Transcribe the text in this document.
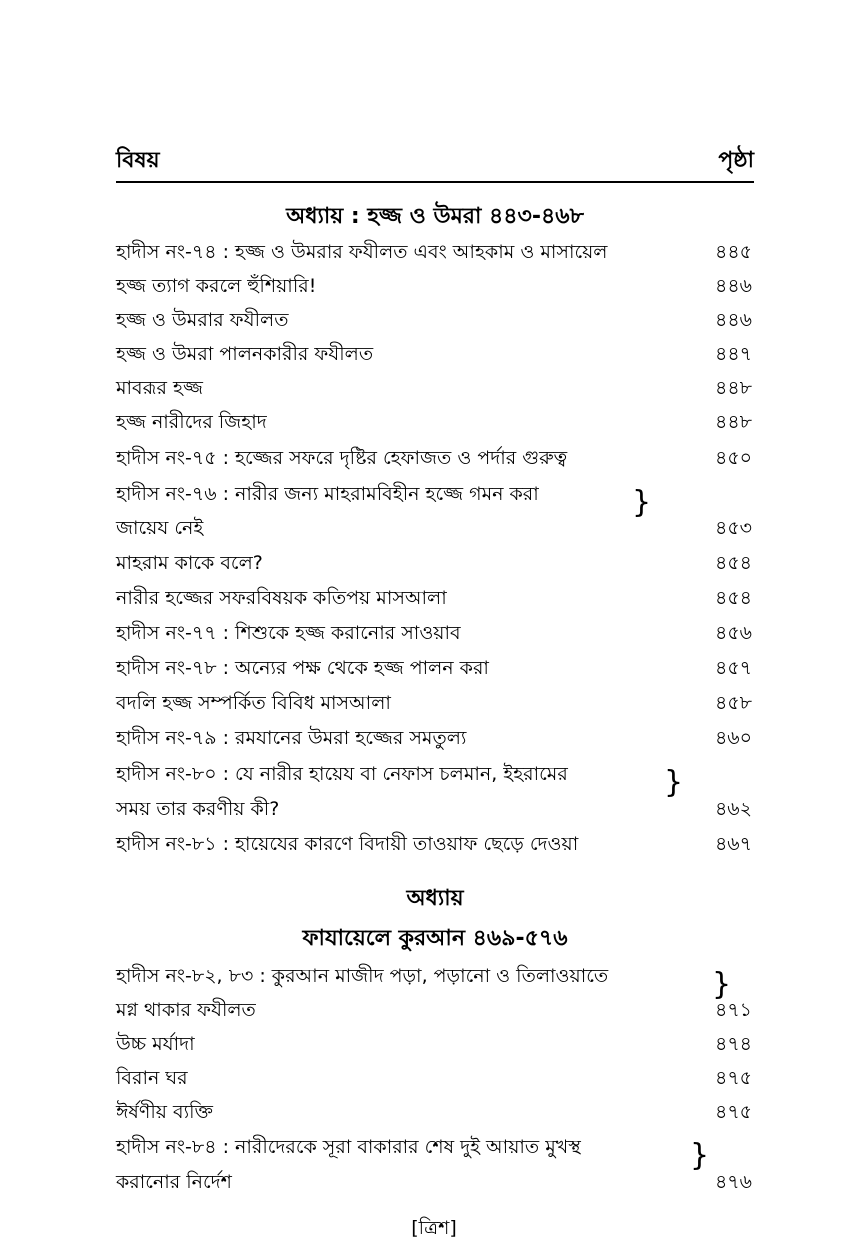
বিষয়	পৃষ্ঠা
অধ্যায় : হজ্জ ও উমরা ৪৪৩-৪৬৮
হাদীস নং-৭৪ : হজ্জ ও উমরার ফযীলত এবং আহকাম ও মাসায়েল	৪৪৫
হজ্জ ত্যাগ করলে হুঁশিয়ারি!	৪৪৬
হজ্জ ও উমরার ফযীলত	৪৪৬
হজ্জ ও উমরা পালনকারীর ফযীলত	৪৪৭
মাবরূর হজ্জ	৪৪৮
হজ্জ নারীদের জিহাদ	৪৪৮
হাদীস নং-৭৫ : হজ্জের সফরে দৃষ্টির হেফাজত ও পর্দার গুরুত্ব	৪৫০
হাদীস নং-৭৬ : নারীর জন্য মাহরামবিহীন হজ্জে গমন করা	}
জায়েয নেই	৪৫৩
মাহরাম কাকে বলে?	৪৫৪
নারীর হজ্জের সফরবিষয়ক কতিপয় মাসআলা	৪৫৪
হাদীস নং-৭৭ : শিশুকে হজ্জ করানোর সাওয়াব	৪৫৬
হাদীস নং-৭৮ : অন্যের পক্ষ থেকে হজ্জ পালন করা	৪৫৭
বদলি হজ্জ সম্পর্কিত বিবিধ মাসআলা	৪৫৮
হাদীস নং-৭৯ : রমযানের উমরা হজ্জের সমতুল্য	৪৬০
হাদীস নং-৮০ : যে নারীর হায়েয বা নেফাস চলমান, ইহরামের	}
সময় তার করণীয় কী?	৪৬২
হাদীস নং-৮১ : হায়েযের কারণে বিদায়ী তাওয়াফ ছেড়ে দেওয়া	৪৬৭
অধ্যায়
ফাযায়েলে কুরআন ৪৬৯-৫৭৬
হাদীস নং-৮২, ৮৩ : কুরআন মাজীদ পড়া, পড়ানো ও তিলাওয়াতে	}
মগ্ন থাকার ফযীলত	৪৭১
উচ্চ মর্যাদা	৪৭৪
বিরান ঘর	৪৭৫
ঈর্ষণীয় ব্যক্তি	৪৭৫
হাদীস নং-৮৪ : নারীদেরকে সূরা বাকারার শেষ দুই আয়াত মুখস্থ	}
করানোর নির্দেশ	৪৭৬
[ত্রিশ]
